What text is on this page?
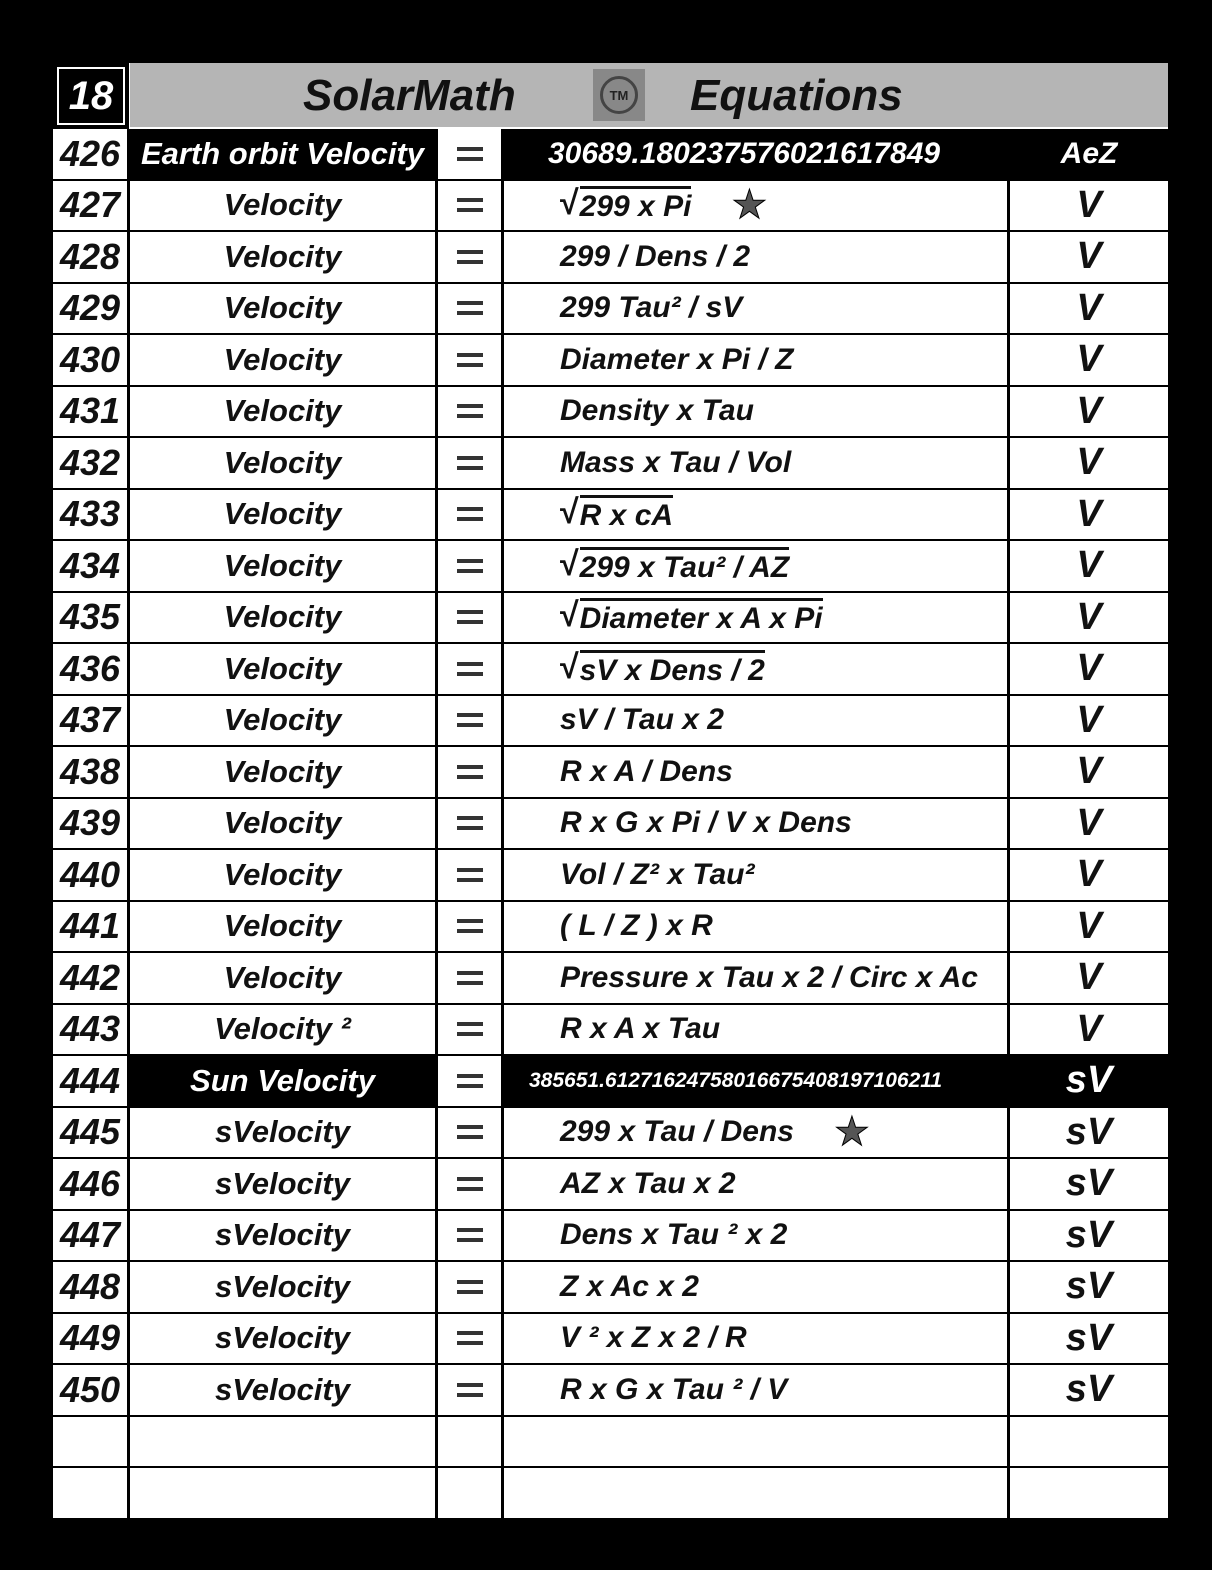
18	SolarMath	TM Equations
426 Earth orbit Velocity	30689.180237576021617849	AeZ
427	Velocity	√ 299 x Pi ★	V
428	Velocity	299 / Dens / 2	V
429	Velocity	299 Tau² / sV	V
430	Velocity	Diameter x Pi / Z	V
431	Velocity	Density x Tau	V
432	Velocity	Mass x Tau / Vol	V
433	Velocity	√ R x cA	V
434	Velocity	√ 299 x Tau² / AZ	V
435	Velocity	√ Diameter x A x Pi	V
436	Velocity	√ sV x Dens / 2	V
437	Velocity	sV / Tau x 2	V
438	Velocity	R x A / Dens	V
439	Velocity	R x G x Pi / V x Dens	V
440	Velocity	Vol / Z² x Tau²	V
441	Velocity	( L / Z ) x R	V
442	Velocity	Pressure x Tau x 2 / Circ x Ac	V
443	Velocity ²	R x A x Tau	V
444	Sun Velocity	385651.612716247580166754081971062​11	sV
445	sVelocity	299 x Tau / Dens ★	sV
446	sVelocity	AZ x Tau x 2	sV
447	sVelocity	Dens x Tau ² x 2	sV
448	sVelocity	Z x Ac x 2	sV
449	sVelocity	V ² x Z x 2 / R	sV
450	sVelocity	R x G x Tau ² / V	sV
